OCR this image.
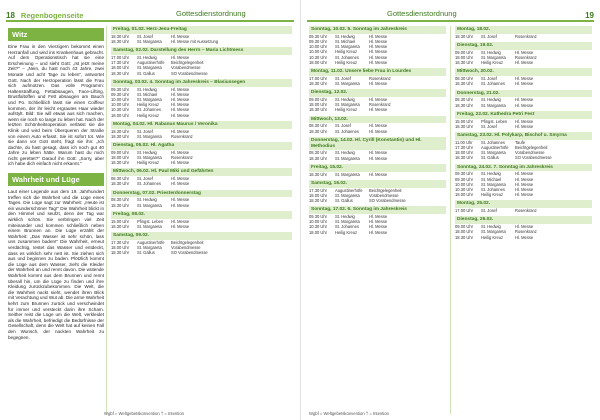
18 Regenbogenseite	Gottesdienstordnung
Witz

Eine Frau in den Vierzigern bekommt einen Herzanfall und wird ins Krankenhaus gebracht. Auf dem Operationstisch hat sie eine Erscheinung – und sieht Gott: „Ist jetzt meine Zeit?" – „Nein, du hast noch 43 Jahre, zwei Monate und acht Tage zu leben", antwortet Gott. Nach der Herzoperation lässt die Frau sich aufmotzen. Das volle Programm: Haltenstraffung, Fettabsaugen, Face-Lifting, Brustfaltoffen und Fett absaugen am Bauch und Po. Schließlich lässt sie einen Coiffeur kommen, der ihr leicht ergrautes Haar wieder aufstylt. Bild: Sie will etwas aus sich machen, wenn sie noch so lange zu leben hat. Nach der letzten Schönheitsoperation verlässt sie die Klinik und wird beim Überqueren der Straße von einem Auto erfasst. Sie ist sofort tot. Wie sie dann vor Gott steht, fragt sie ihn: „Ich dachte, du hast gesagt, dass ich noch gut 40 Jahre zu leben hätte. Warum hast du mich nicht gerettet?" Darauf ihn Gott: „Sorry, aber ich habe dich einfach nicht erkannt."

Wahrheit und Lüge

Laut einer Legende aus dem 19. Jahrhundert treffen sich die Wahrheit und die Lüge eines Tages. Die Lüge sagt zur Wahrheit: „Heute ist ein wunderschöner Tag!" Die Wahrheit blickt in den Himmel und seufzt, denn der Tag war wirklich schön. Sie verbringen viel Zeit miteinander und kommen schließlich neben einem Brunnen an. Die Lüge erzählt der Wahrheit: „Das Wasser ist sehr schön, lass uns zusammen baden!" Die Wahrheit, erneut verdächtig, testet das Wasser und entdeckt, dass es wirklich sehr nett ist. Sie ziehen sich aus und beginnen zu baden. Plötzlich kommt die Lüge aus dem Wasser, zieht die Kleider der Wahrheit an und rennt davon. Die wütende Wahrheit kommt aus dem Brunnen und rennt überall hin, um die Lüge zu finden und ihre Kleidung zurückzubekommen. Die Welt, die die Wahrheit nackt sieht, wendet ihren Blick mit Verachtung und Wut ab. Die arme Wahrheit kehrt zum Brunnen zurück und verschwindet für immer und versteckt darin ihre Scham. Seither reist die Lüge um die Welt, verkleidet als die Wahrheit, befriedigt die Bedürfnisse der Gesellschaft, denn die Welt hat auf keinen Fall den Wunsch, der nackten Wahrheit zu begegnen.

Freitag, 01.02. Herz-Jesu-Freitag
18.30 Uhr	St. Josef	Hl. Messe
18.30 Uhr	St. Margareta	Hl. Messe mit Aussetzung
Samstag, 02.02. Darstellung des Herrn – Maria Lichtmess
17.00 Uhr	St. Hedwig	Hl. Messe
17.30 Uhr	Augustinerhöfe	Beichtgelegenheit
18.00 Uhr	St. Margareta	Vorabendmesse
18.30 Uhr	St. Gallus	SO Vorabendmesse
Sonntag, 03.02. 4. Sonntag im Jahreskreis – Blasiussegen
09.30 Uhr	St. Hedwig	Hl. Messe
09.30 Uhr	St. Michael	Hl. Messe
10.00 Uhr	St. Margareta	Hl. Messe
10.00 Uhr	Heilig Kreuz	Hl. Messe
10.30 Uhr	St. Johannes	Hl. Messe
18.00 Uhr	Heilig Kreuz	Hl. Messe
Montag, 04.02. Hl. Rabanus Maurus / Veronika
18.30 Uhr	St. Josef	Hl. Messe
18.30 Uhr	St. Margareta	Rosenkranz
Dienstag, 05.02. Hl. Agatha
09.00 Uhr	St. Hedwig	Hl. Messe
18.00 Uhr	St. Margareta	Rosenkranz
18.30 Uhr	Heilig Kreuz	Hl. Messe
Mittwoch, 06.02. Hl. Paul Miki und Gefährten
08.30 Uhr	St. Josef	Hl. Messe
18.30 Uhr	St. Johannes	Hl. Messe
Donnerstag, 07.02. Priesterdonnerstag
08.30 Uhr	St. Hedwig	Hl. Messe
18.30 Uhr	St. Margareta	Hl. Messe
Freitag, 08.02.
15.00 Uhr	Pfingst. Leben	Hl. Messe
18.30 Uhr	St. Margareta	Hl. Messe
Samstag, 09.02.
17.30 Uhr	Augustinerhöfe	Beichtgelegenheit
18.00 Uhr	St. Margareta	Vorabendmesse
18.30 Uhr	St. Gallus	SO Vorabendmesse
Wgbf = Weltgebetskonvention † = Intention
Gottesdienstordnung	19
Sonntag, 10.02. 5. Sonntag im Jahreskreis
09.30 Uhr	St. Hedwig	Hl. Messe
09.30 Uhr	St. Michael	Hl. Messe
10.00 Uhr	St. Margareta	Hl. Messe
10.00 Uhr	Heilig Kreuz	Hl. Messe
10.30 Uhr	St. Johannes	Hl. Messe
18.00 Uhr	Heilig Kreuz	Hl. Messe
Montag, 11.02. Unsere liebe Frau in Lourdes
17.00 Uhr	St. Josef	Rosenkranz
18.30 Uhr	St. Margareta	Hl. Messe
Dienstag, 12.02.
09.00 Uhr	St. Hedwig	Hl. Messe
18.00 Uhr	St. Margareta	Rosenkranz
18.30 Uhr	Heilig Kreuz	Hl. Messe
Mittwoch, 13.02.
08.30 Uhr	St. Josef	Hl. Messe
18.30 Uhr	St. Johannes	Hl. Messe
Donnerstag, 14.02. Hl. Cyrill (Konstantin) und Hl. Methodius
08.30 Uhr	St. Hedwig	Hl. Messe
18.30 Uhr	St. Margareta	Hl. Messe
Freitag, 15.02.
18.30 Uhr	St. Margareta	Hl. Messe
Samstag, 16.02.
17.30 Uhr	Augustinerhöfe	Beichtgelegenheit
18.00 Uhr	St. Margareta	Vorabendmesse
18.30 Uhr	St. Gallus	SO Vorabendmesse
Sonntag, 17.02. 6. Sonntag im Jahreskreis
09.30 Uhr	St. Hedwig	Hl. Messe
10.00 Uhr	St. Margareta	Hl. Messe
10.30 Uhr	St. Johannes	Hl. Messe
18.00 Uhr	Heilig Kreuz	Hl. Messe
Montag, 18.02.
18.30 Uhr	St. Josef	Rosenkranz
Dienstag, 19.02.
09.00 Uhr	St. Hedwig	Hl. Messe
18.00 Uhr	St. Margareta	Rosenkranz
18.30 Uhr	Heilig Kreuz	Hl. Messe
Mittwoch, 20.02.
08.30 Uhr	St. Josef	Hl. Messe
18.30 Uhr	St. Johannes	Hl. Messe
Donnerstag, 21.02.
08.30 Uhr	St. Hedwig	Hl. Messe
18.30 Uhr	St. Margareta	Hl. Messe
Freitag, 22.02. Kathedra Petri Fest
15.00 Uhr	Pfingst. Leben	Hl. Messe
18.30 Uhr	St. Josef	Hl. Messe
Samstag, 23.02. Hl. Polykarp, Bischof u. Smyrna
11.00 Uhr	St. Johannes	Taufe
17.30 Uhr	Augustinerhöfe	Beichtgelegenheit
18.00 Uhr	St. Margareta	Vorabendmesse
18.30 Uhr	St. Gallus	SO Vorabendmesse
Sonntag, 24.02. 7. Sonntag im Jahreskreis
09.30 Uhr	St. Hedwig	Hl. Messe
09.30 Uhr	St. Michael	Hl. Messe
10.00 Uhr	St. Margareta	Hl. Messe
10.30 Uhr	St. Johannes	Hl. Messe
18.00 Uhr	Heilig Kreuz	Hl. Messe
Montag, 25.02.
17.00 Uhr	St. Josef	Rosenkranz
Dienstag, 26.02.
09.00 Uhr	St. Hedwig	Hl. Messe
18.00 Uhr	St. Margareta	Rosenkranz
18.30 Uhr	Heilig Kreuz	Hl. Messe
Wgbf = Weltgebetskonvention † = Intention
